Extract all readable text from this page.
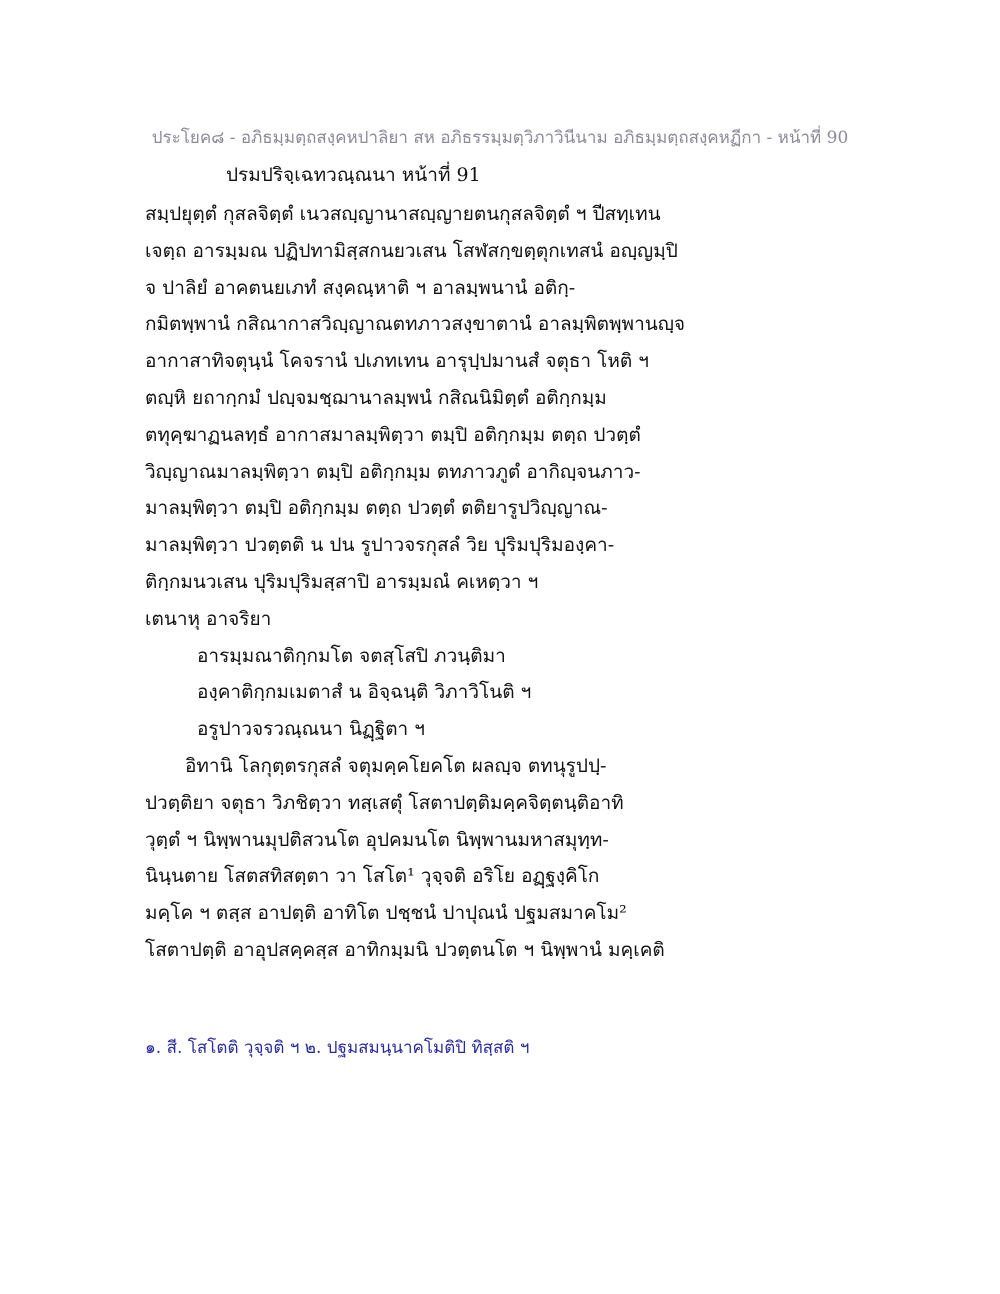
ประโยค๘ - อภิธมฺมตฺถสงฺคหปาลิยา สห อภิธรรมฺมตฺวิภาวินีนาม อภิธมฺมตฺถสงฺคหฏีกา - หน้าที่ 90
ปรมปริจฺเฉทวณฺณนา หน้าที่ 91
สมฺปยุตฺตํ กุสลจิตฺตํ เนวสญฺญานาสญฺญายตนกุสลจิตฺตํ ฯ ปีสทฺเทน
เจตฺถ อารมฺมณ ปฏิปทามิสฺสกนยวเสน โสฬสกฺขตฺตุกเทสนํ อญฺญมฺปิ
จ ปาลิยํ อาคตนยเภทํ สงฺคณฺหาติ ฯ อาลมฺพนานํ อติกฺ-
กมิตพฺพานํ กสิณากาสวิญฺญาณตทภาวสงฺขาตานํ อาลมฺพิตพฺพานญฺจ
อากาสาทิจตุนฺนํ โคจรานํ ปเภทเทน อารุปฺปมานสํ จตุธา โหติ ฯ
ตญฺหิ ยถากฺกมํ ปญฺจมชฺฌานาลมฺพนํ กสิณนิมิตฺตํ อติกฺกมฺม
ตทุคฺฆาฏนลทฺธํ อากาสมาลมฺพิตฺวา ตมฺปิ อติกฺกมฺม ตตฺถ ปวตฺตํ
วิญฺญาณมาลมฺพิตฺวา ตมฺปิ อติกฺกมฺม ตทภาวภูตํ อากิญฺจนภาว-
มาลมฺพิตฺวา ตมฺปิ อติกฺกมฺม ตตฺถ ปวตฺตํ ตติยารูปวิญฺญาณ-
มาลมฺพิตฺวา ปวตฺตติ น ปน รูปาวจรกุสลํ วิย ปุริมปุริมองฺคา-
ติกฺกมนวเสน ปุริมปุริมสฺสาปิ อารมฺมณํ คเหตฺวา ฯ
เตนาหุ อาจริยา
อารมฺมณาติกฺกมโต จตสฺโสปิ ภวนฺติมา
องฺคาติกฺกมเมตาสํ น อิจฺฉนฺติ วิภาวิโนติ ฯ
อรูปาวจรวณฺณนา นิฏฺฐิตา ฯ
อิทานิ โลกุตฺตรกุสลํ จตุมคฺคโยคโต ผลญฺจ ตทนุรูปปฺ-
ปวตฺติยา จตุธา วิภชิตฺวา ทสฺเสตุํ โสตาปตฺติมคฺคจิตฺตนฺติอาทิ
วุตฺตํ ฯ นิพฺพานมุปติสวนโต อุปคมนโต นิพฺพานมหาสมุทฺท-
นินฺนตาย โสตสทิสตฺตา วา โสโต¹ วุจฺจติ อริโย อฏฺฐงฺคิโก
มคฺโค ฯ ตสฺส อาปตฺติ อาทิโต ปชฺชนํ ปาปุณนํ ปฐมสมาคโม²
โสตาปตฺติ อาอุปสคฺคสฺส อาทิกมฺมนิ ปวตฺตนโต ฯ นิพฺพานํ มคฺเคติ
๑. สี. โสโตติ วุจฺจติ ฯ ๒. ปฐมสมนฺนาคโมติปิ ทิสฺสติ ฯ
